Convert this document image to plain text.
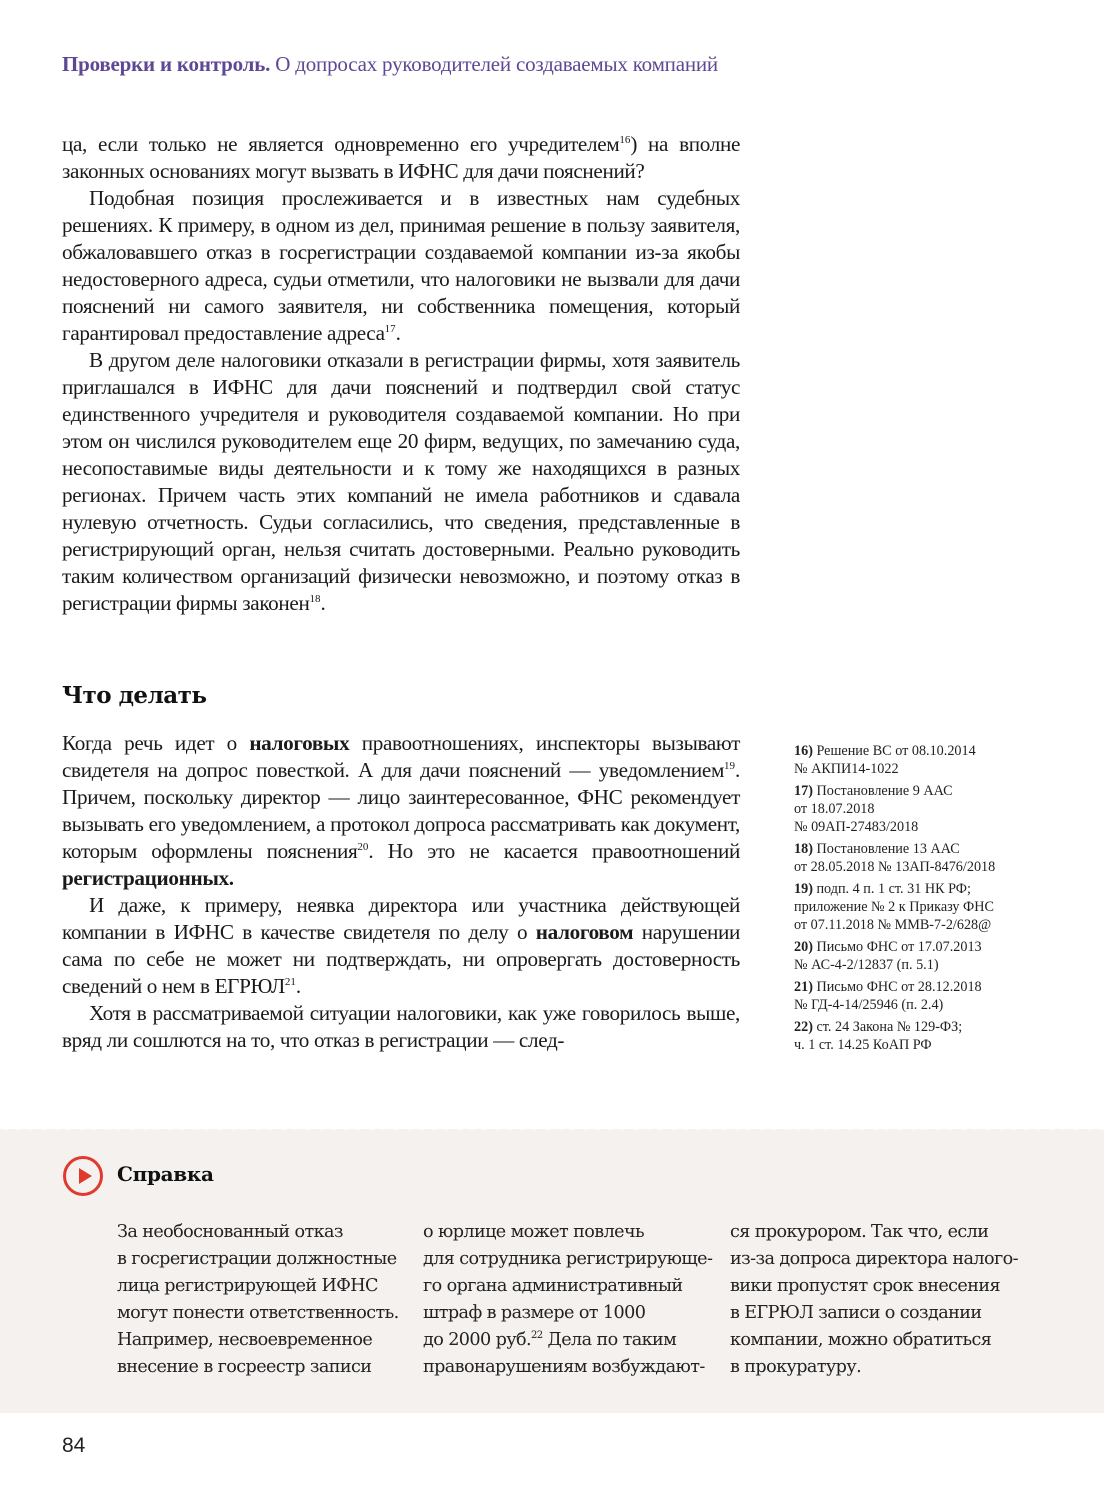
Проверки и контроль. О допросах руководителей создаваемых компаний

ца, если только не является одновременно его учредителем$^{16}$) на вполне законных основаниях могут вызвать в ИФНС для дачи пояснений?

Подобная позиция прослеживается и в известных нам судебных решениях. К примеру, в одном из дел, принимая решение в пользу заявителя, обжаловавшего отказ в госрегистрации создаваемой компании из-за якобы недостоверного адреса, судьи отметили, что налоговики не вызвали для дачи пояснений ни самого заявителя, ни собственника помещения, который гарантировал предоставление адреса$^{17}$.

В другом деле налоговики отказали в регистрации фирмы, хотя заявитель приглашался в ИФНС для дачи пояснений и подтвердил свой статус единственного учредителя и руководителя создаваемой компании. Но при этом он числился руководителем еще 20 фирм, ведущих, по замечанию суда, несопоставимые виды деятельности и к тому же находящихся в разных регионах. Причем часть этих компаний не имела работников и сдавала нулевую отчетность. Судьи согласились, что сведения, представленные в регистрирующий орган, нельзя считать достоверными. Реально руководить таким количеством организаций физически невозможно, и поэтому отказ в регистрации фирмы законен$^{18}$.

Что делать

Когда речь идет о налоговых правоотношениях, инспекторы вызывают свидетеля на допрос повесткой. А для дачи пояснений — уведомлением$^{19}$. Причем, поскольку директор — лицо заинтересованное, ФНС рекомендует вызывать его уведомлением, а протокол допроса рассматривать как документ, которым оформлены пояснения$^{20}$. Но это не касается правоотношений регистрационных.

И даже, к примеру, неявка директора или участника действующей компании в ИФНС в качестве свидетеля по делу о налоговом нарушении сама по себе не может ни подтверждать, ни опровергать достоверность сведений о нем в ЕГРЮЛ$^{21}$.

Хотя в рассматриваемой ситуации налоговики, как уже говорилось выше, вряд ли сошлются на то, что отказ в регистрации — след-

16) Решение ВС от 08.10.2014
№ АКПИ14-1022
17) Постановление 9 ААС
от 18.07.2018
№ 09АП-27483/2018
18) Постановление 13 ААС
от 28.05.2018 № 13АП-8476/2018
19) подп. 4 п. 1 ст. 31 НК РФ;
приложение № 2 к Приказу ФНС
от 07.11.2018 № ММВ-7-2/628@
20) Письмо ФНС от 17.07.2013
№ АС-4-2/12837 (п. 5.1)
21) Письмо ФНС от 28.12.2018
№ ГД-4-14/25946 (п. 2.4)
22) ст. 24 Закона № 129-ФЗ;
ч. 1 ст. 14.25 КоАП РФ
Справка
За необоснованный отказ
в госрегистрации должностные
лица регистрирующей ИФНС
могут понести ответственность.
Например, несвоевременное
внесение в госреестр записи
о юрлице может повлечь
для сотрудника регистрирующе-
го органа административный
штраф в размере от 1000
до 2000 руб.$^{22}$ Дела по таким
правонарушениям возбуждают-
ся прокурором. Так что, если
из-за допроса директора налого-
вики пропустят срок внесения
в ЕГРЮЛ записи о создании
компании, можно обратиться
в прокуратуру.
84
